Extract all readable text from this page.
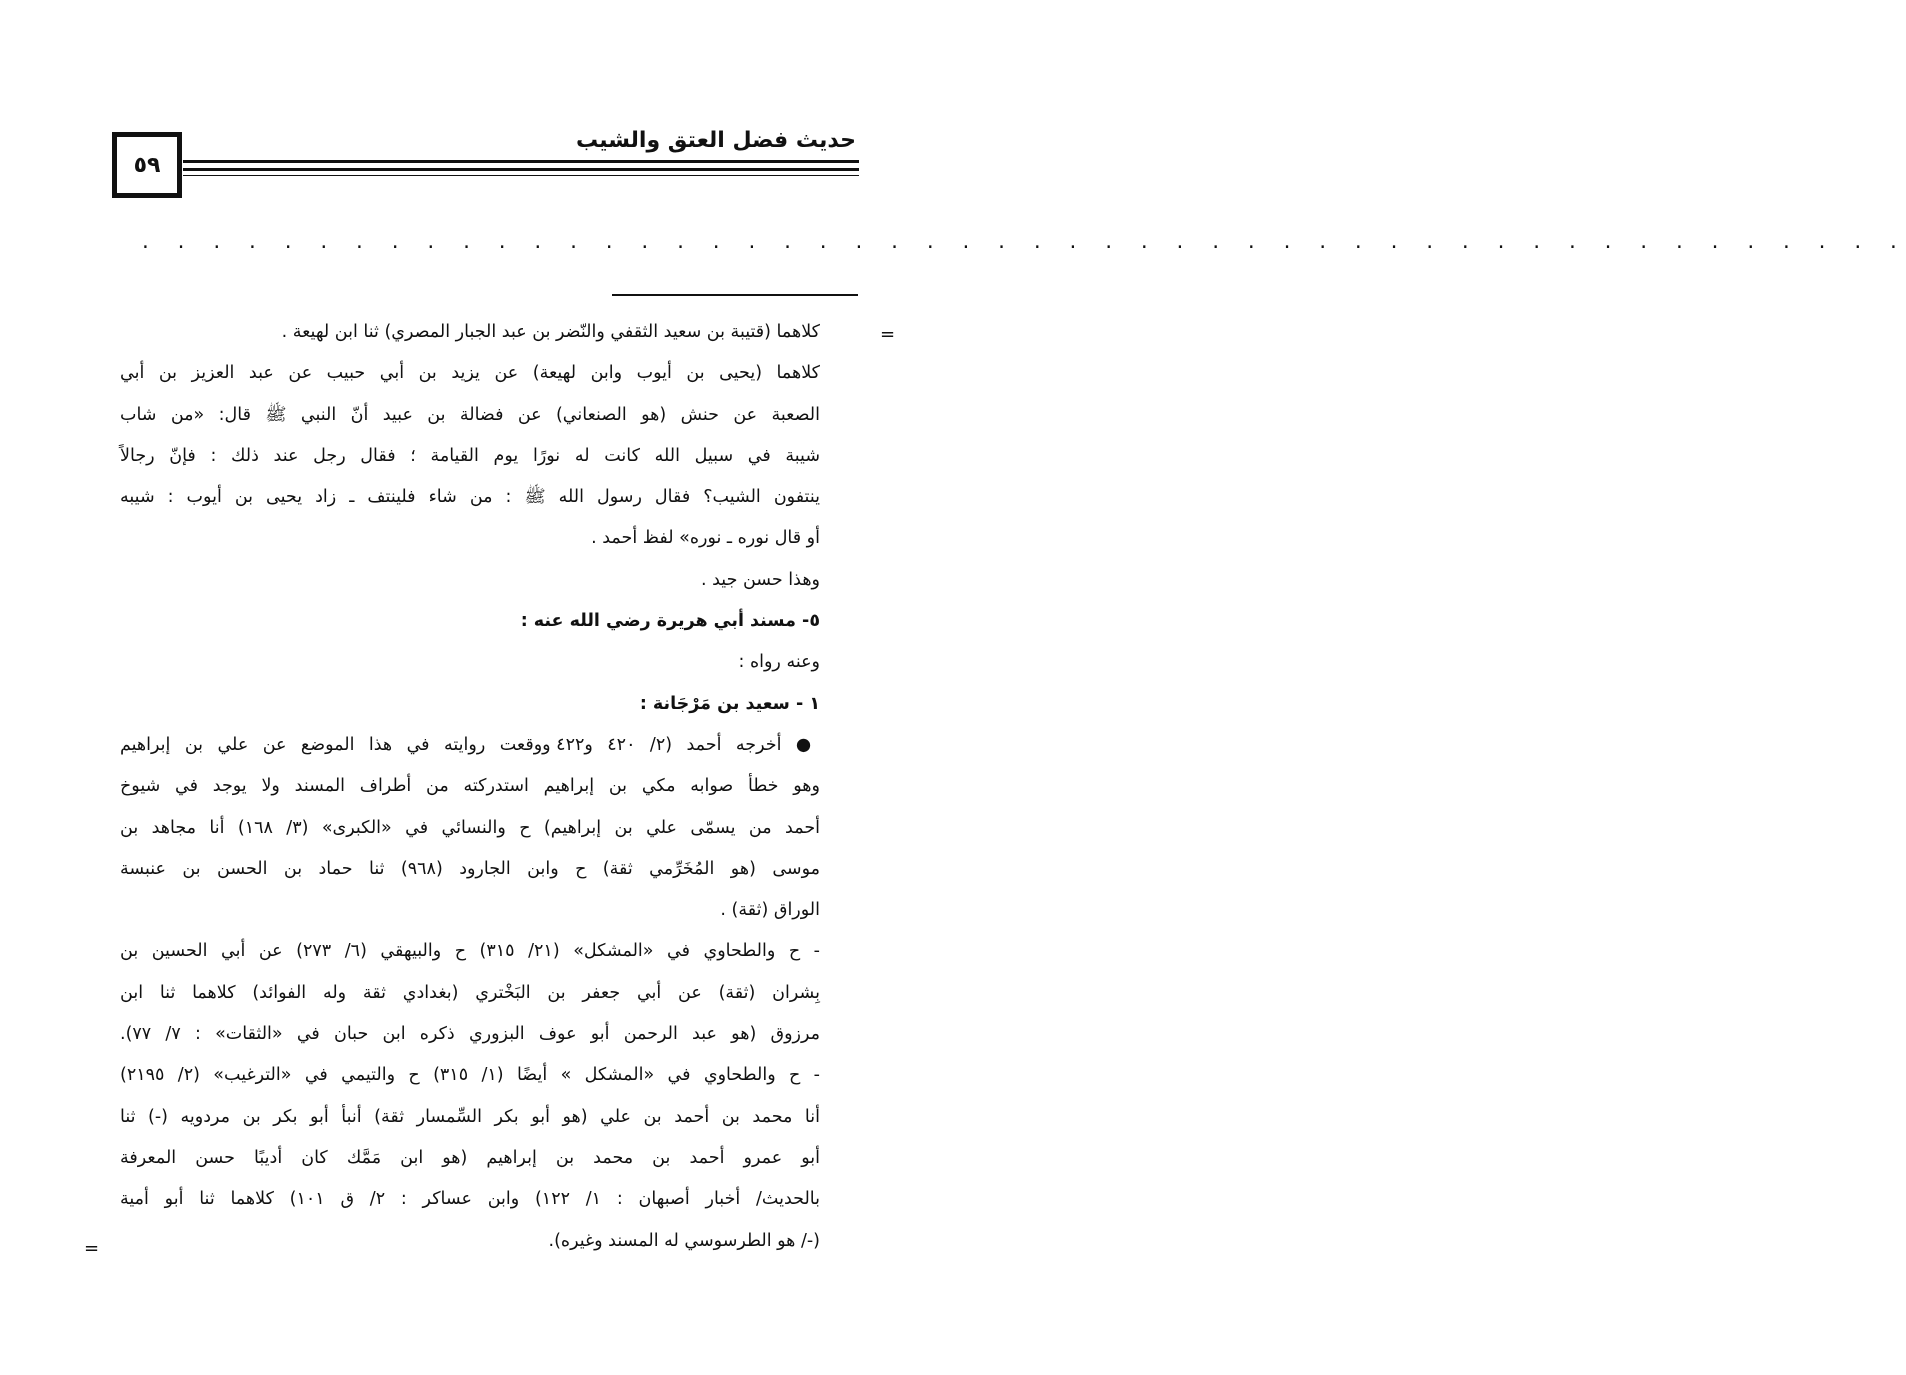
حديث فضل العتق والشيب
٥٩
. . . . . . . . . . . . . . . . . . . . . . . . . . . . . . . . . . . . . . . . . . . . . . . . . .
=
=
كلاهما (قتيبة بن سعيد الثقفي والنّضر بن عبد الجبار المصري) ثنا ابن لهيعة .
كلاهما (يحيى بن أيوب وابن لهيعة) عن يزيد بن أبي حبيب عن عبد العزيز بن أبي
الصعبة عن حنش (هو الصنعاني) عن فضالة بن عبيد أنّ النبي ﷺ قال: «من شاب
شيبة في سبيل الله كانت له نورًا يوم القيامة ؛ فقال رجل عند ذلك : فإنّ رجالاً
ينتفون الشيب؟ فقال رسول الله ﷺ : من شاء فلينتف ـ زاد يحيى بن أيوب : شيبه
أو قال نوره ـ نوره» لفظ أحمد .
وهذا حسن جيد .
٥- مسند أبي هريرة رضي الله عنه :
وعنه رواه :
١ - سعيد بن مَرْجَانة :
● أخرجه أحمد (٢/ ٤٢٠ و٤٢٢ ووقعت روايته في هذا الموضع عن علي بن إبراهيم
وهو خطأ صوابه مكي بن إبراهيم استدركته من أطراف المسند ولا يوجد في شيوخ
أحمد من يسمّى علي بن إبراهيم) ح والنسائي في «الكبرى» (٣/ ١٦٨) أنا مجاهد بن
موسى (هو المُخَرِّمي ثقة) ح وابن الجارود (٩٦٨) ثنا حماد بن الحسن بن عنبسة
الوراق (ثقة) .
- ح والطحاوي في «المشكل» (٢١/ ٣١٥) ح والبيهقي (٦/ ٢٧٣) عن أبي الحسين بن
بِشران (ثقة) عن أبي جعفر بن البَخْتري (بغدادي ثقة وله الفوائد) كلاهما ثنا ابن
مرزوق (هو عبد الرحمن أبو عوف البزوري ذكره ابن حبان في «الثقات» : ٧/ ٧٧).
- ح والطحاوي في «المشكل » أيضًا (١/ ٣١٥) ح والتيمي في «الترغيب» (٢/ ٢١٩٥)
أنا محمد بن أحمد بن علي (هو أبو بكر السِّمسار ثقة) أنبأ أبو بكر بن مردويه (-) ثنا
أبو عمرو أحمد بن محمد بن إبراهيم (هو ابن مَمَّك كان أديبًا حسن المعرفة
بالحديث/ أخبار أصبهان : ١/ ١٢٢) وابن عساكر : ٢/ ق ١٠١) كلاهما ثنا أبو أمية
(-/ هو الطرسوسي له المسند وغيره).
